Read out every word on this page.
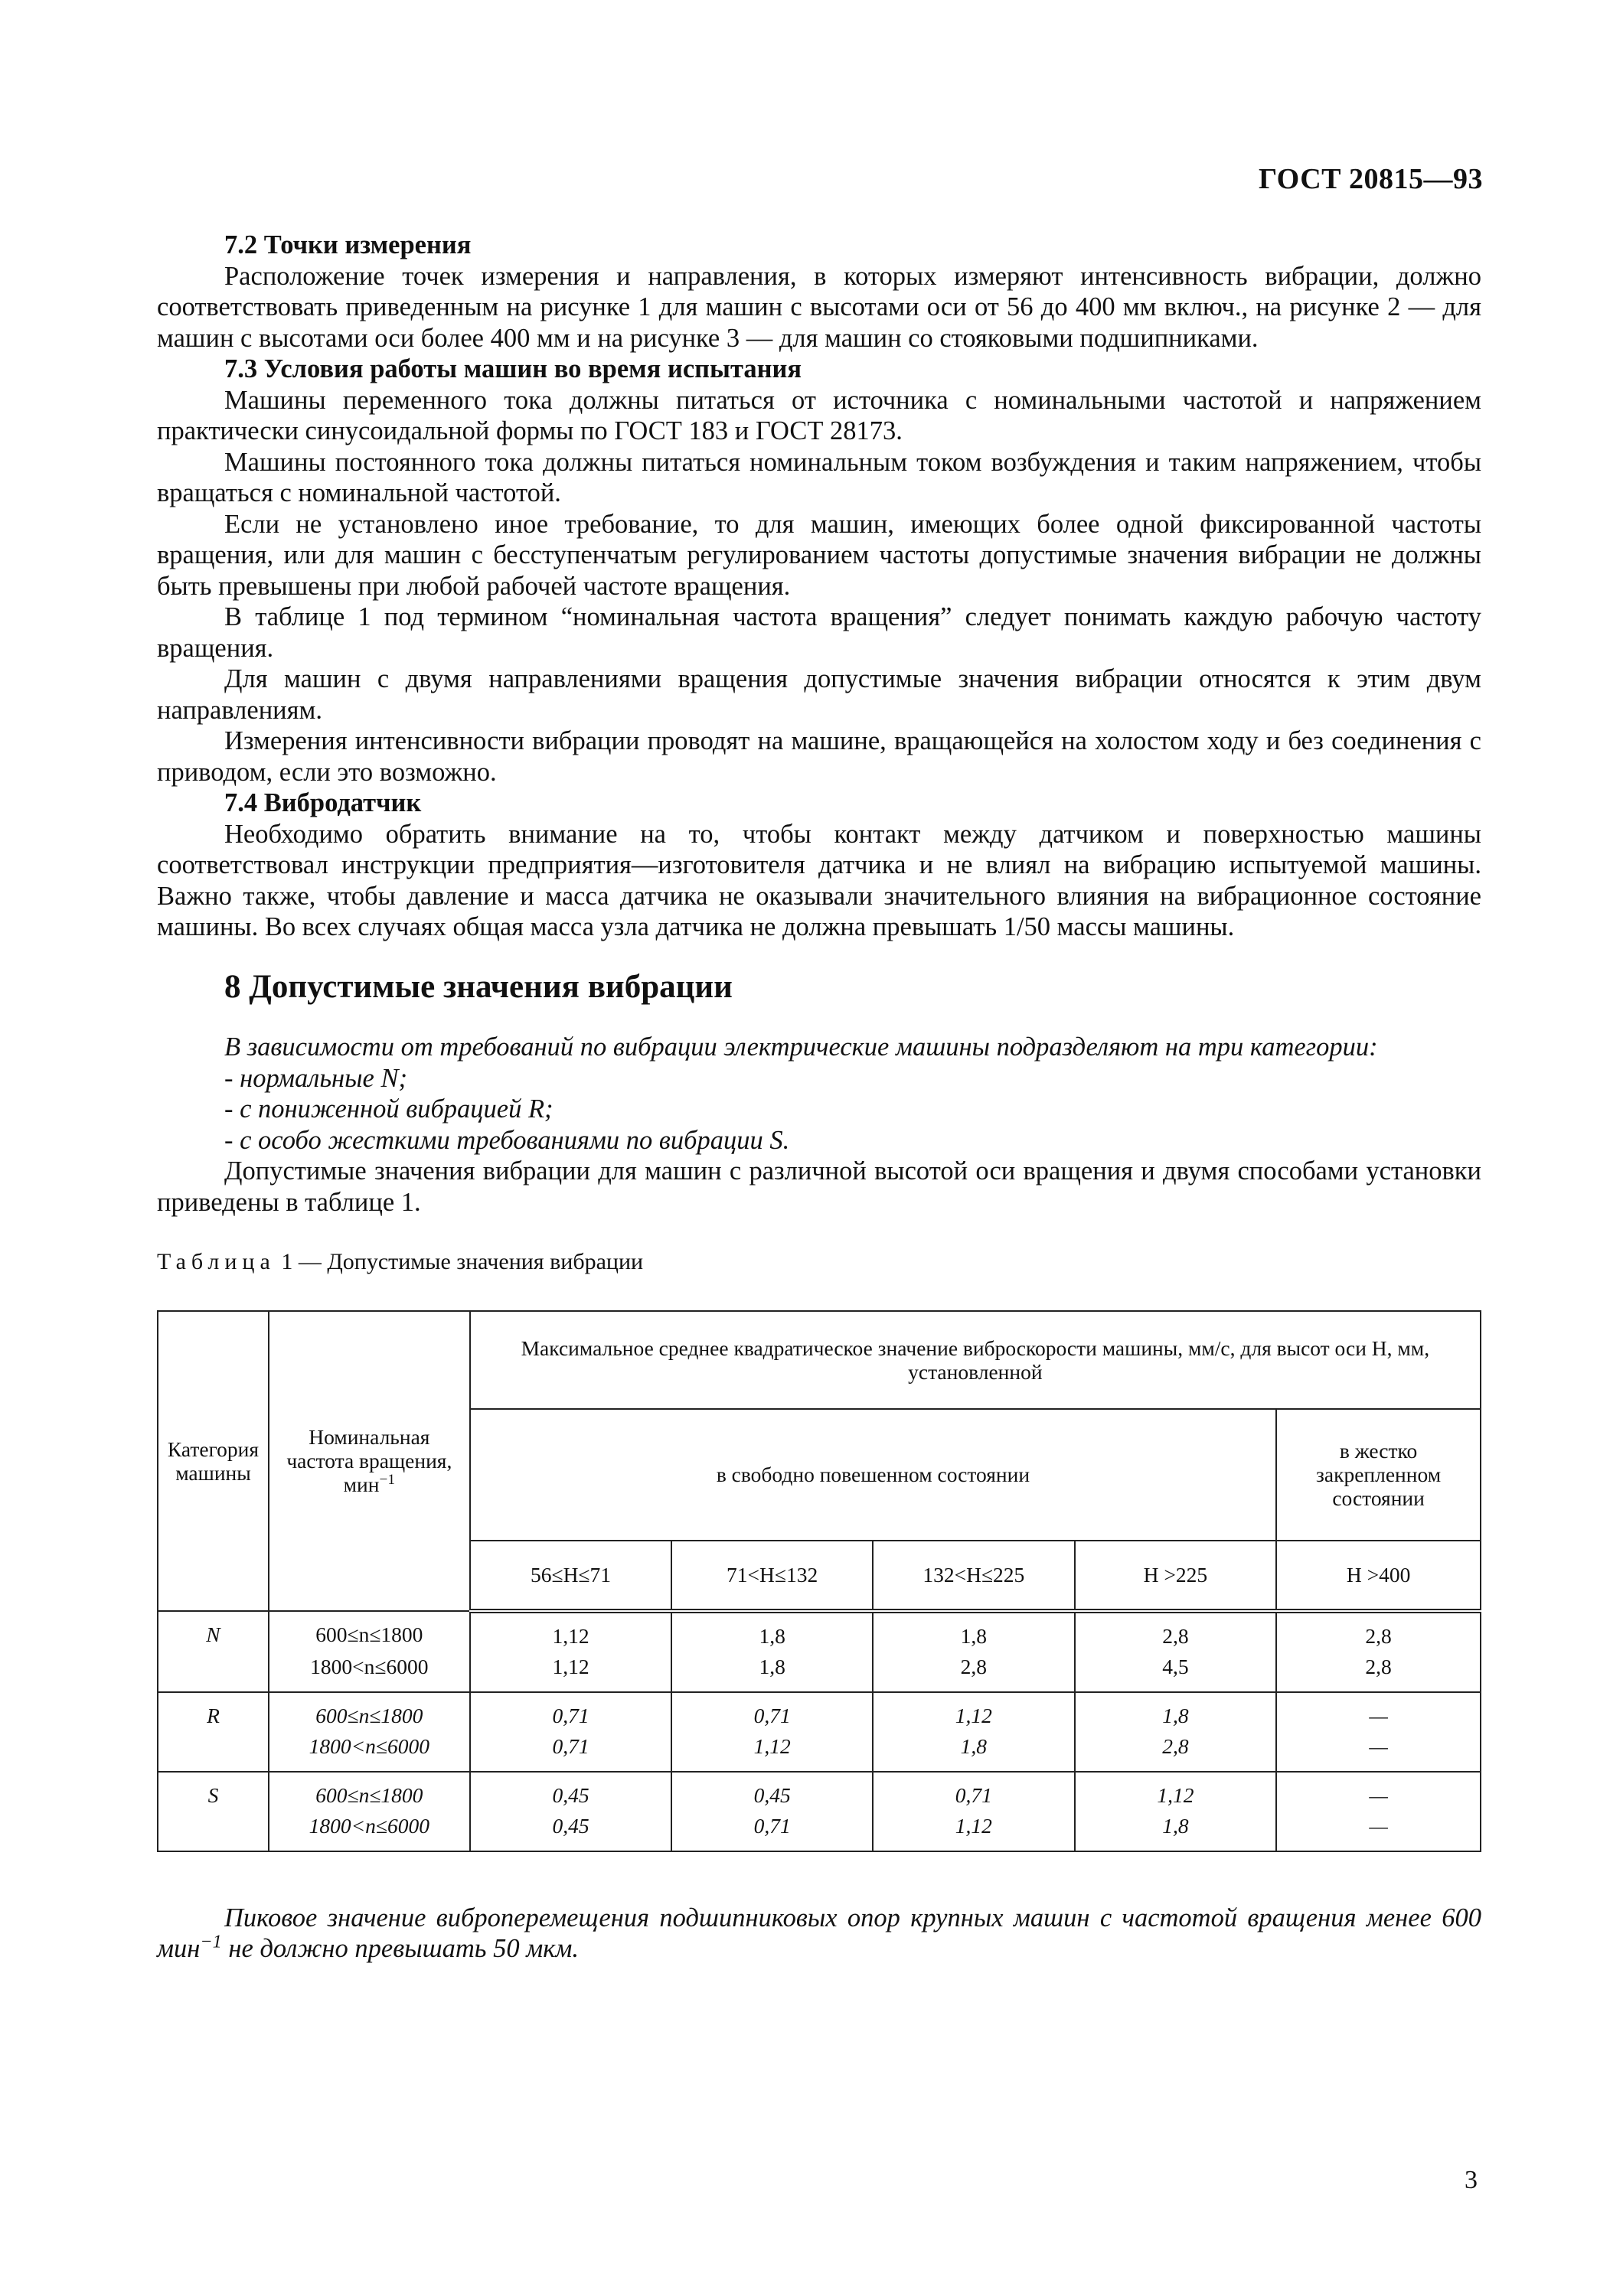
ГОСТ 20815—93
7.2 Точки измерения
Расположение точек измерения и направления, в которых измеряют интенсивность вибрации, должно соответствовать приведенным на рисунке 1 для машин с высотами оси от 56 до 400 мм включ., на рисунке 2 — для машин с высотами оси более 400 мм и на рисунке 3 — для машин со стояковыми подшипниками.
7.3 Условия работы машин во время испытания
Машины переменного тока должны питаться от источника с номинальными частотой и напряжением практически синусоидальной формы по ГОСТ 183 и ГОСТ 28173.
Машины постоянного тока должны питаться номинальным током возбуждения и таким напряжением, чтобы вращаться с номинальной частотой.
Если не установлено иное требование, то для машин, имеющих более одной фиксированной частоты вращения, или для машин с бесступенчатым регулированием частоты допустимые значения вибрации не должны быть превышены при любой рабочей частоте вращения.
В таблице 1 под термином “номинальная частота вращения” следует понимать каждую рабочую частоту вращения.
Для машин с двумя направлениями вращения допустимые значения вибрации относятся к этим двум направлениям.
Измерения интенсивности вибрации проводят на машине, вращающейся на холостом ходу и без соединения с приводом, если это возможно.
7.4 Вибродатчик
Необходимо обратить внимание на то, чтобы контакт между датчиком и поверхностью машины соответствовал инструкции предприятия—изготовителя датчика и не влиял на вибрацию испытуемой машины. Важно также, чтобы давление и масса датчика не оказывали значительного влияния на вибрационное состояние машины. Во всех случаях общая масса узла датчика не должна превышать 1/50 массы машины.
8 Допустимые значения вибрации
В зависимости от требований по вибрации электрические машины подразделяют на три категории:
- нормальные N;
- с пониженной вибрацией R;
- с особо жесткими требованиями по вибрации S.
Допустимые значения вибрации для машин с различной высотой оси вращения и двумя способами установки приведены в таблице 1.
Таблица 1 — Допустимые значения вибрации
Категория машины	Номинальная частота вращения, мин$^{-1}$	Максимальное среднее квадратическое значение виброскорости машины, мм/с, для высот оси H, мм, установленной				
		в свободно повешенном состоянии				в жестко закрепленном состоянии
		56≤H≤71	71<H≤132	132<H≤225	H >225	H >400
N	600≤n≤1800	1,12	1,8	1,8	2,8	2,8
	1800<n≤6000	1,12	1,8	2,8	4,5	2,8
R	600≤n≤1800	0,71	0,71	1,12	1,8	—
	1800<n≤6000	0,71	1,12	1,8	2,8	—
S	600≤n≤1800	0,45	0,45	0,71	1,12	—
	1800<n≤6000	0,45	0,71	1,12	1,8	—
Пиковое значение виброперемещения подшипниковых опор крупных машин с частотой вращения менее 600 мин$^{-1}$ не должно превышать 50 мкм.
3
